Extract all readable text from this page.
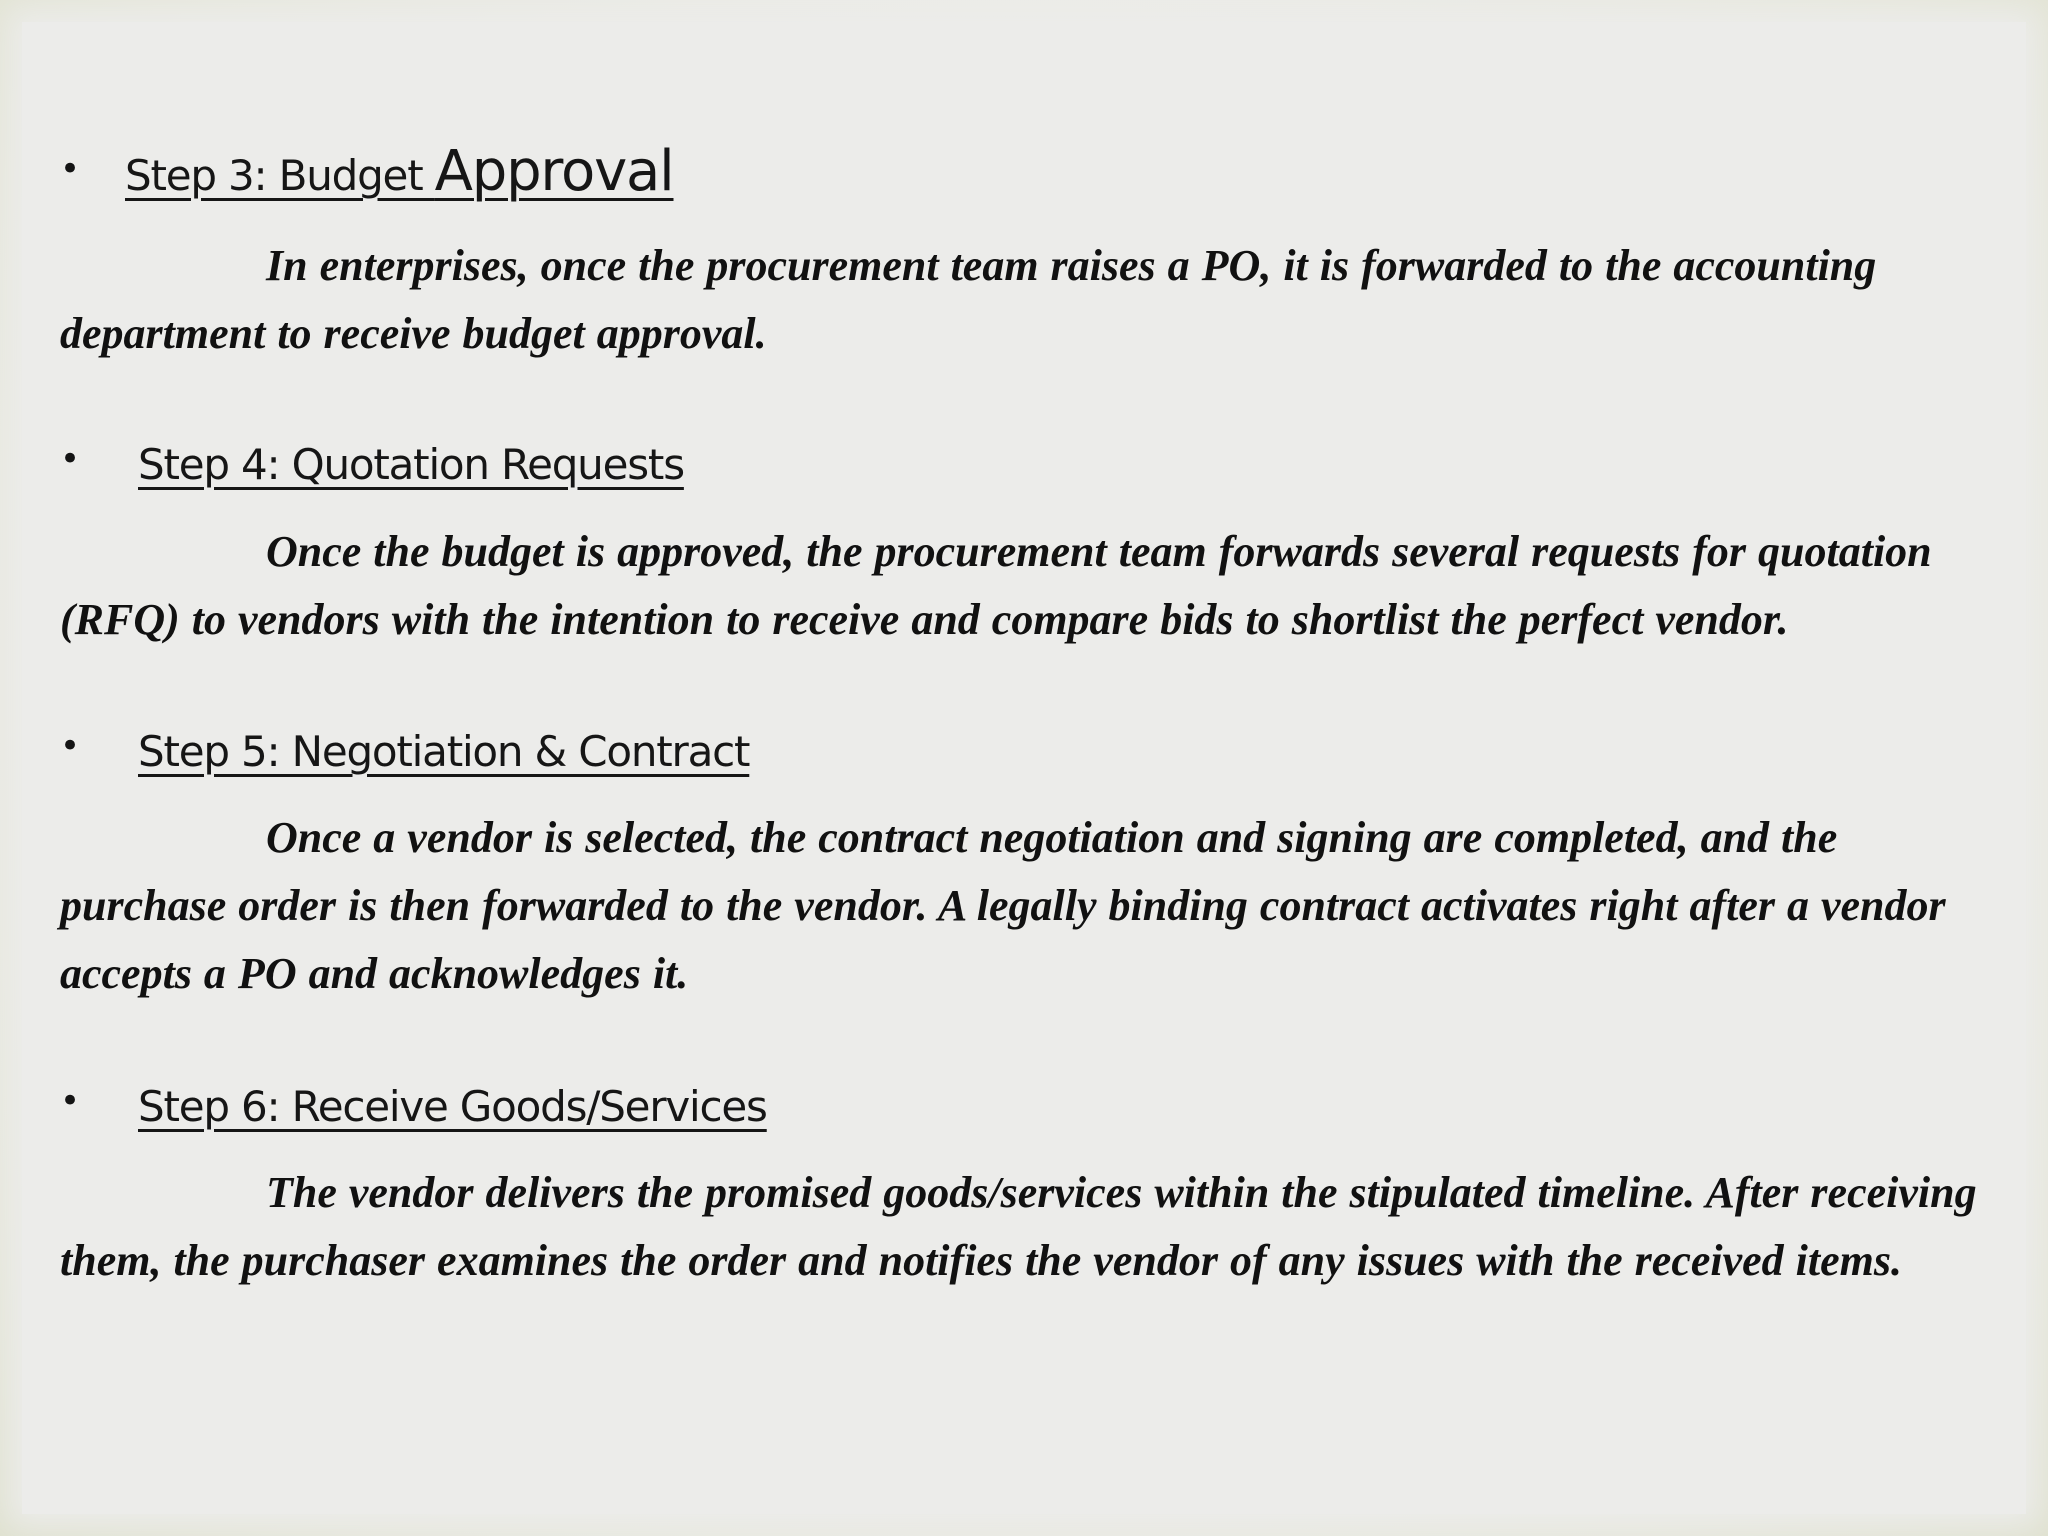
• Step 3: Budget Approval
In enterprises, once the procurement team raises a PO, it is forwarded to the accounting department to receive budget approval.
• Step 4: Quotation Requests
Once the budget is approved, the procurement team forwards several requests for quotation (RFQ) to vendors with the intention to receive and compare bids to shortlist the perfect vendor.
• Step 5: Negotiation & Contract
Once a vendor is selected, the contract negotiation and signing are completed, and the purchase order is then forwarded to the vendor. A legally binding contract activates right after a vendor accepts a PO and acknowledges it.
• Step 6: Receive Goods/Services
The vendor delivers the promised goods/services within the stipulated timeline. After receiving them, the purchaser examines the order and notifies the vendor of any issues with the received items.
